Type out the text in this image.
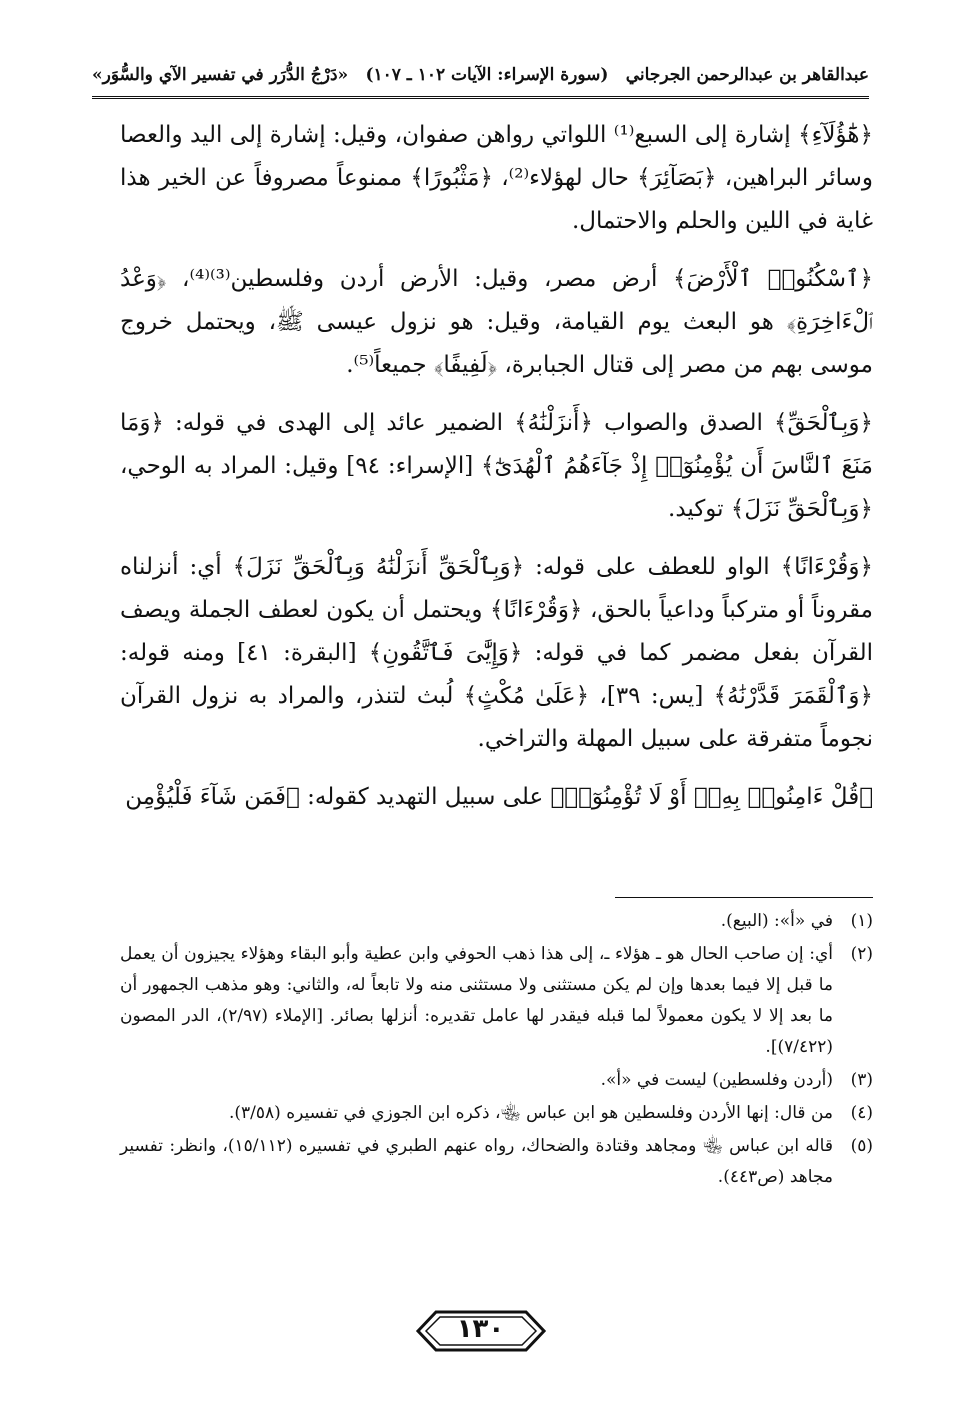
عبدالقاهر بن عبدالرحمن الجرجاني
(سورة الإسراء: الآيات ١٠٢ ـ ١٠٧)
«دَرْجُ الدُّرَر في تفسير الآي والسُّوَر»

﴿هَٰٓؤُلَآءِ﴾ إشارة إلى السبع⁽¹⁾ اللواتي رواهن صفوان، وقيل: إشارة إلى اليد والعصا وسائر البراهين، ﴿بَصَآئِرَ﴾ حال لهؤلاء⁽²⁾، ﴿مَثْبُورًا﴾ ممنوعاً مصروفاً عن الخير هذا غاية في اللين والحلم والاحتمال.

﴿ٱسْكُنُوا۟ ٱلْأَرْضَ﴾ أرض مصر، وقيل: الأرض أردن وفلسطين⁽³⁾⁽⁴⁾، ﴿وَعْدُ ٱلْءَاخِرَةِ﴾ هو البعث يوم القيامة، وقيل: هو نزول عيسى ﷺ، ويحتمل خروج موسى بهم من مصر إلى قتال الجبابرة، ﴿لَفِيفًا﴾ جميعاً⁽⁵⁾.

﴿وَبِٱلْحَقِّ﴾ الصدق والصواب ﴿أَنزَلْنَٰهُ﴾ الضمير عائد إلى الهدى في قوله: ﴿وَمَا مَنَعَ ٱلنَّاسَ أَن يُؤْمِنُوٓا۟ إِذْ جَآءَهُمُ ٱلْهُدَىٰٓ﴾ [الإسراء: ٩٤] وقيل: المراد به الوحي، ﴿وَبِٱلْحَقِّ نَزَلَ﴾ توكيد.

﴿وَقُرْءَانًا﴾ الواو للعطف على قوله: ﴿وَبِٱلْحَقِّ أَنزَلْنَٰهُ وَبِٱلْحَقِّ نَزَلَ﴾ أي: أنزلناه مقروناً أو متركباً وداعياً بالحق، ﴿وَقُرْءَانًا﴾ ويحتمل أن يكون لعطف الجملة ويصف القرآن بفعل مضمر كما في قوله: ﴿وَإِيَّٰىَ فَٱتَّقُونِ﴾ [البقرة: ٤١] ومنه قوله: ﴿وَٱلْقَمَرَ قَدَّرْنَٰهُ﴾ [يس: ٣٩]، ﴿عَلَىٰ مُكْثٍ﴾ لُبث لتنذر، والمراد به نزول القرآن نجوماً متفرقة على سبيل المهلة والتراخي.

﴿قُلْ ءَامِنُوا۟ بِهِۦٓ أَوْ لَا تُؤْمِنُوٓا۟﴾ على سبيل التهديد كقوله: ﴿فَمَن شَآءَ فَلْيُؤْمِن

(١)
في «أ»: (البيع).
(٢)
أي: إن صاحب الحال هو ـ هؤلاء ـ، إلى هذا ذهب الحوفي وابن عطية وأبو البقاء وهؤلاء يجيزون أن يعمل ما قبل إلا فيما بعدها وإن لم يكن مستثنى ولا مستثنى منه ولا تابعاً له، والثاني: وهو مذهب الجمهور أن ما بعد إلا لا يكون معمولاً لما قبله فيقدر لها عامل تقديره: أنزلها بصائر. [الإملاء (٢/٩٧)، الدر المصون (٧/٤٢٢)].
(٣)
(أردن وفلسطين) ليست في «أ».
(٤)
من قال: إنها الأردن وفلسطين هو ابن عباس ﵄، ذكره ابن الجوزي في تفسيره (٣/٥٨).
(٥)
قاله ابن عباس ﵄ ومجاهد وقتادة والضحاك، رواه عنهم الطبري في تفسيره (١٥/١١٢)، وانظر: تفسير مجاهد (ص٤٤٣).
١٣٠
